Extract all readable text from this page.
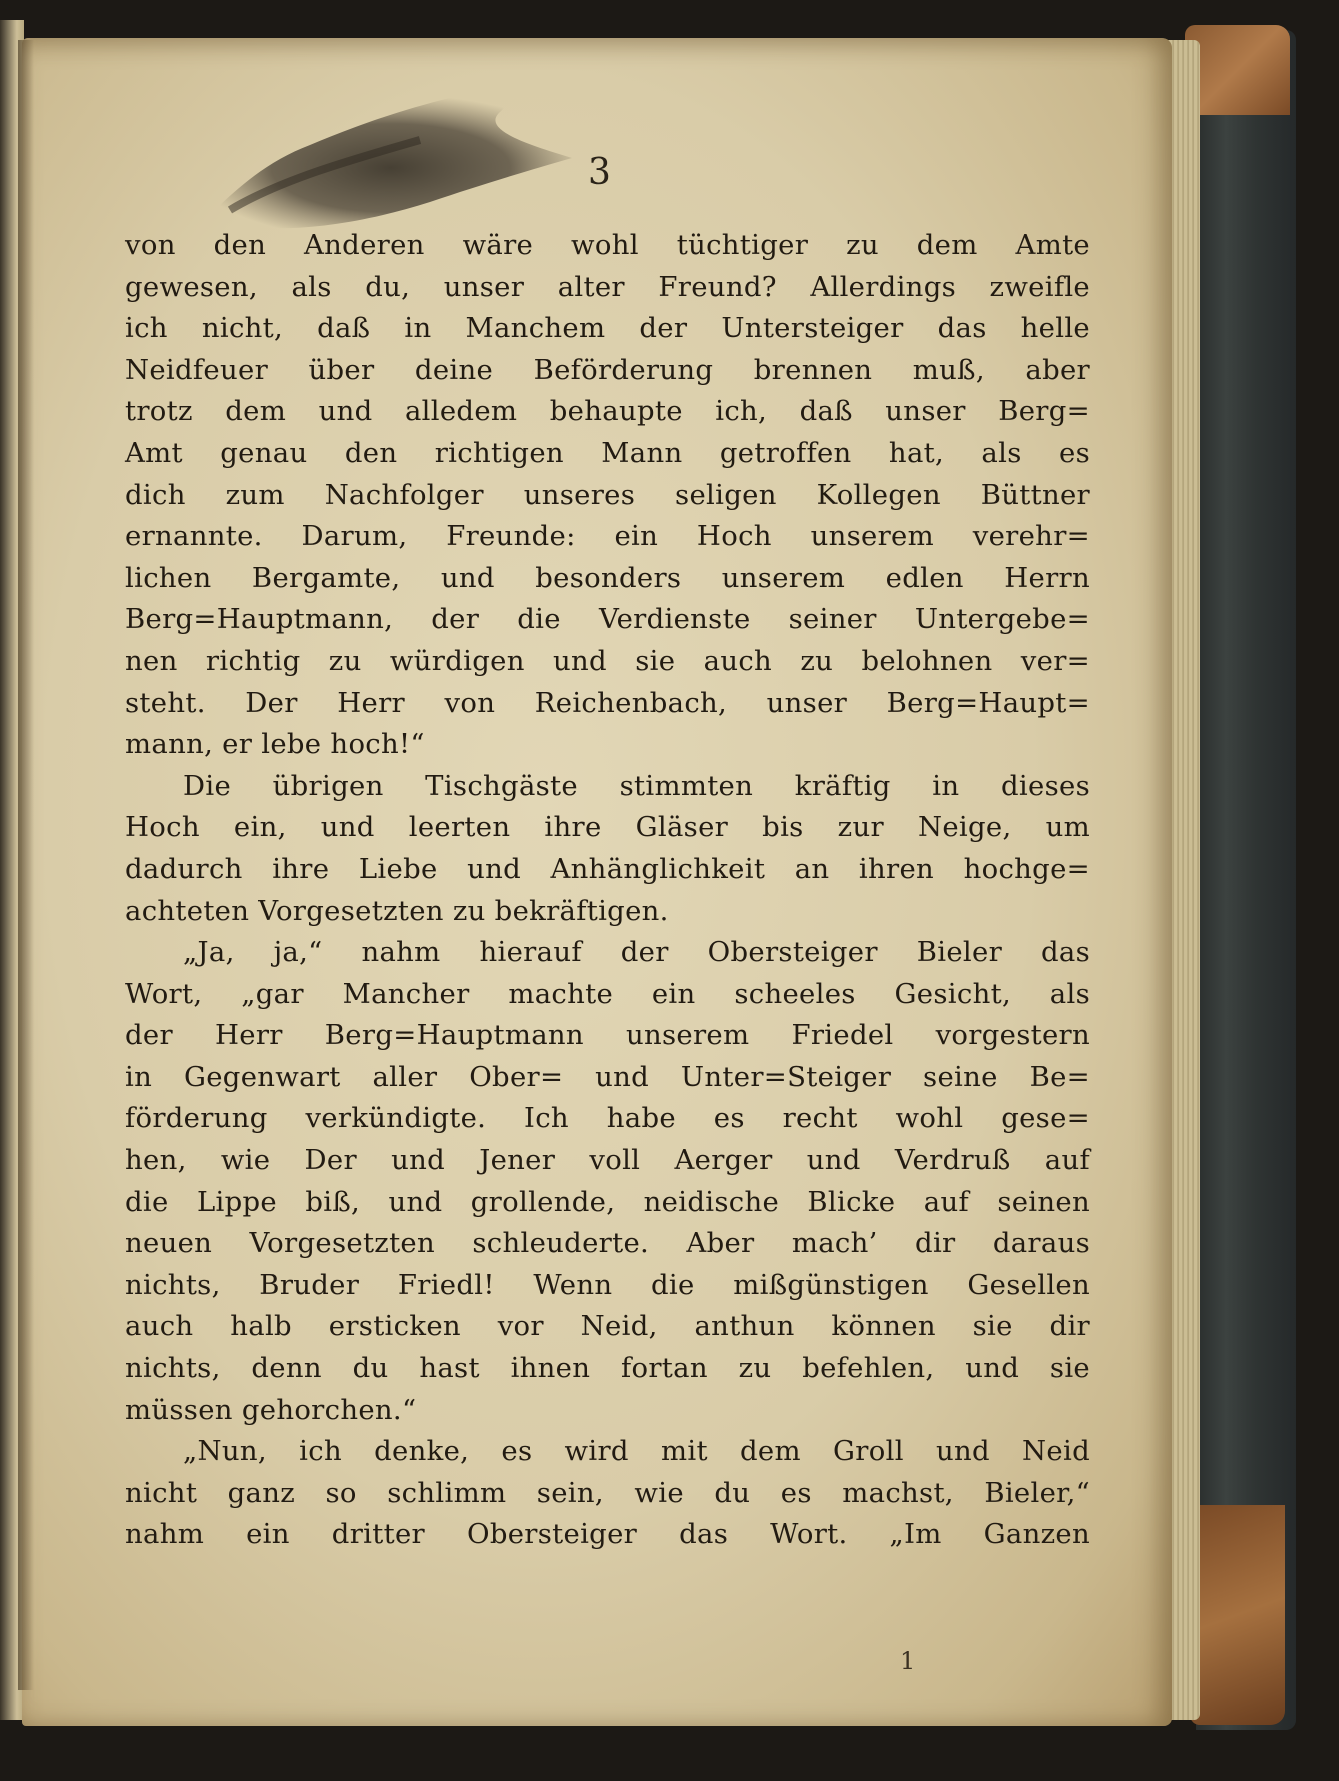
3
von den Anderen wäre wohl tüchtiger zu dem Amte
gewesen, als du, unser alter Freund? Allerdings zweifle
ich nicht, daß in Manchem der Untersteiger das helle
Neidfeuer über deine Beförderung brennen muß, aber
trotz dem und alledem behaupte ich, daß unser Berg=
Amt genau den richtigen Mann getroffen hat, als es
dich zum Nachfolger unseres seligen Kollegen Büttner
ernannte. Darum, Freunde: ein Hoch unserem verehr=
lichen Bergamte, und besonders unserem edlen Herrn
Berg=Hauptmann, der die Verdienste seiner Untergebe=
nen richtig zu würdigen und sie auch zu belohnen ver=
steht. Der Herr von Reichenbach, unser Berg=Haupt=
mann, er lebe hoch!“
Die übrigen Tischgäste stimmten kräftig in dieses
Hoch ein, und leerten ihre Gläser bis zur Neige, um
dadurch ihre Liebe und Anhänglichkeit an ihren hochge=
achteten Vorgesetzten zu bekräftigen.
„Ja, ja,“ nahm hierauf der Obersteiger Bieler das
Wort, „gar Mancher machte ein scheeles Gesicht, als
der Herr Berg=Hauptmann unserem Friedel vorgestern
in Gegenwart aller Ober= und Unter=Steiger seine Be=
förderung verkündigte. Ich habe es recht wohl gese=
hen, wie Der und Jener voll Aerger und Verdruß auf
die Lippe biß, und grollende, neidische Blicke auf seinen
neuen Vorgesetzten schleuderte. Aber mach’ dir daraus
nichts, Bruder Friedl! Wenn die mißgünstigen Gesellen
auch halb ersticken vor Neid, anthun können sie dir
nichts, denn du hast ihnen fortan zu befehlen, und sie
müssen gehorchen.“
„Nun, ich denke, es wird mit dem Groll und Neid
nicht ganz so schlimm sein, wie du es machst, Bieler,“
nahm ein dritter Obersteiger das Wort. „Im Ganzen
1
